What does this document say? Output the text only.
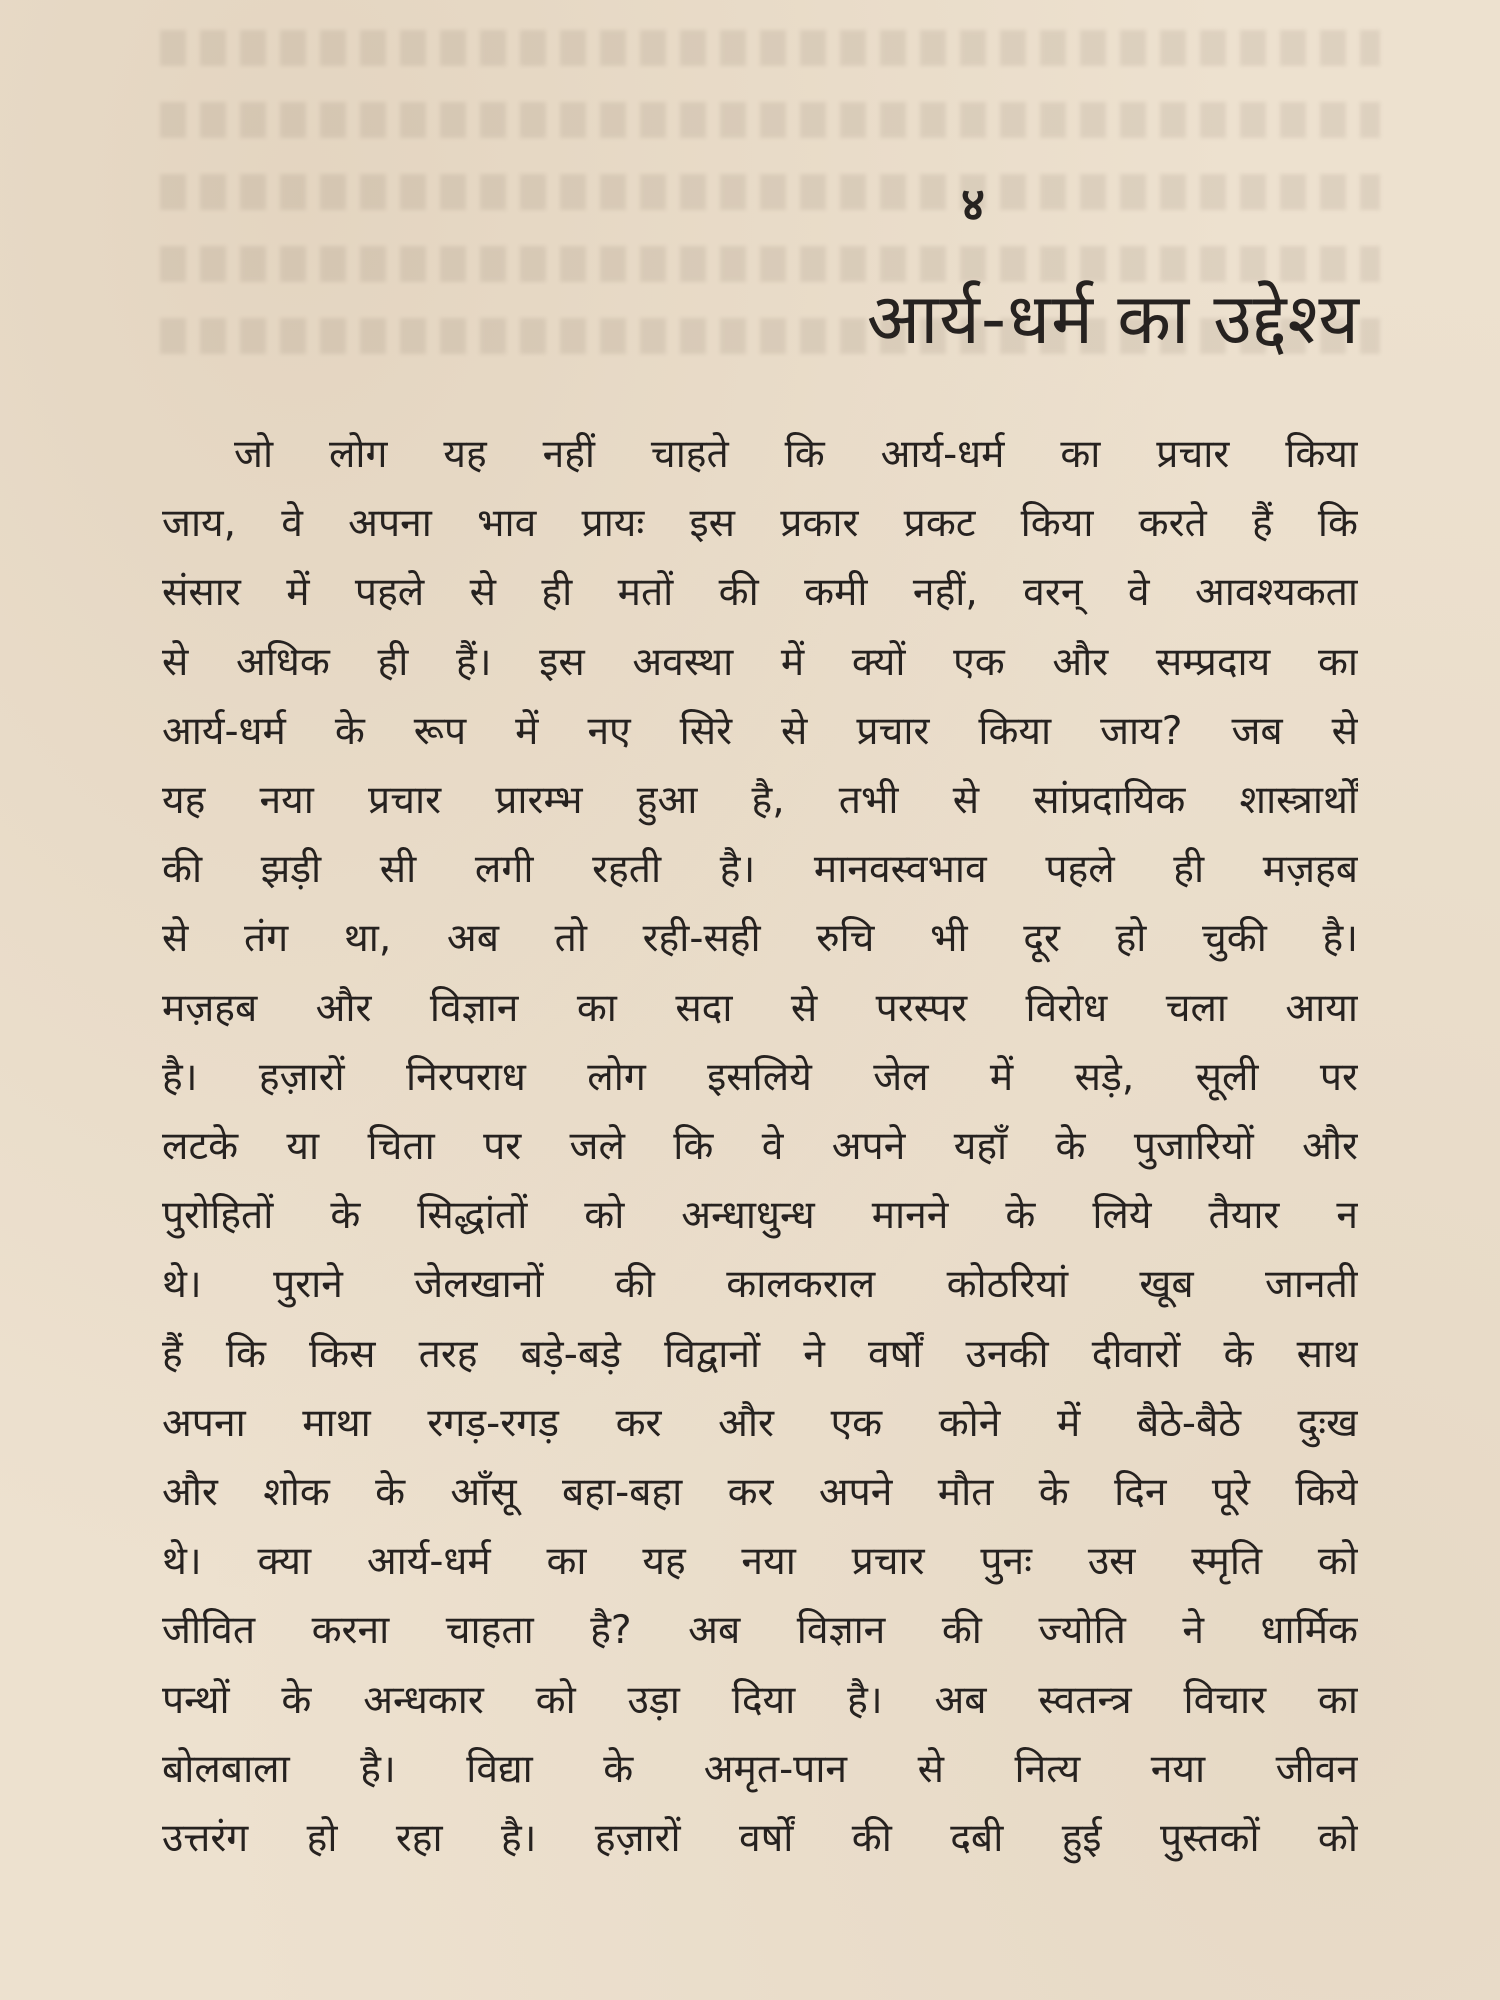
४
आर्य-धर्म का उद्देश्य
जो लोग यह नहीं चाहते कि आर्य-धर्म का प्रचार किया
जाय, वे अपना भाव प्रायः इस प्रकार प्रकट किया करते हैं कि
संसार में पहले से ही मतों की कमी नहीं, वरन् वे आवश्यकता
से अधिक ही हैं। इस अवस्था में क्यों एक और सम्प्रदाय का
आर्य-धर्म के रूप में नए सिरे से प्रचार किया जाय? जब से
यह नया प्रचार प्रारम्भ हुआ है, तभी से सांप्रदायिक शास्त्रार्थों
की झड़ी सी लगी रहती है। मानवस्वभाव पहले ही मज़हब
से तंग था, अब तो रही-सही रुचि भी दूर हो चुकी है।
मज़हब और विज्ञान का सदा से परस्पर विरोध चला आया
है। हज़ारों निरपराध लोग इसलिये जेल में सड़े, सूली पर
लटके या चिता पर जले कि वे अपने यहाँ के पुजारियों और
पुरोहितों के सिद्धांतों को अन्धाधुन्ध मानने के लिये तैयार न
थे। पुराने जेलखानों की कालकराल कोठरियां खूब जानती
हैं कि किस तरह बड़े-बड़े विद्वानों ने वर्षों उनकी दीवारों के साथ
अपना माथा रगड़-रगड़ कर और एक कोने में बैठे-बैठे दुःख
और शोक के आँसू बहा-बहा कर अपने मौत के दिन पूरे किये
थे। क्या आर्य-धर्म का यह नया प्रचार पुनः उस स्मृति को
जीवित करना चाहता है? अब विज्ञान की ज्योति ने धार्मिक
पन्थों के अन्धकार को उड़ा दिया है। अब स्वतन्त्र विचार का
बोलबाला है। विद्या के अमृत-पान से नित्य नया जीवन
उत्तरंग हो रहा है। हज़ारों वर्षों की दबी हुई पुस्तकों को
